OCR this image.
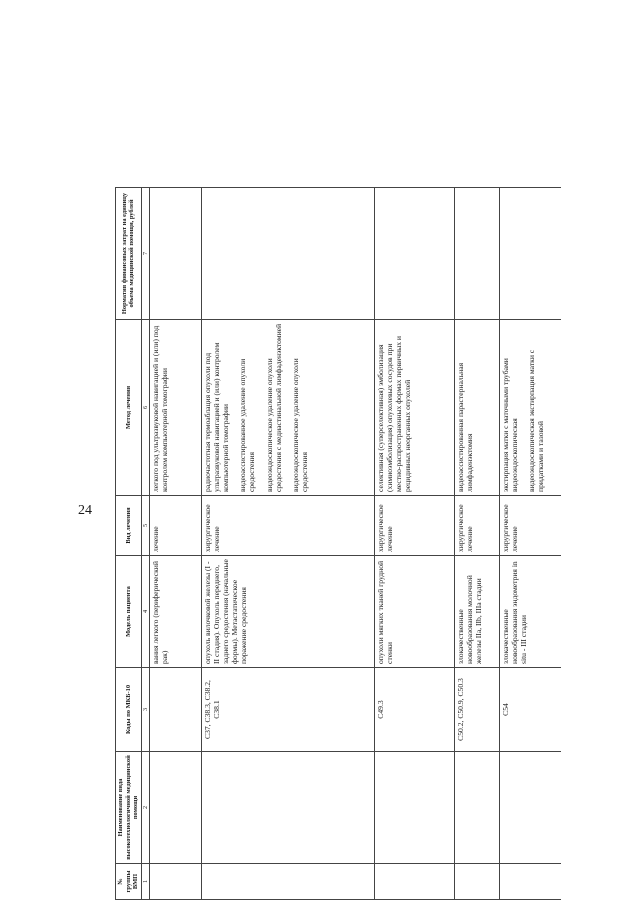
24
№ группы ВМП	Наименование вида высокотехнологичной медицинской помощи	Коды по МКБ-10	Модель пациента	Вид лечения	Метод лечения	Норматив финансовых затрат на единицу объема медицинской помощи, рублей
1	2	3	4	5	6	7
			вания легкого (периферический рак)	лечение	легкого под ультразвуковой навигацией и (или) под контролем компьютерной томографии	

		C37, C38.3, C38.2, C38.1	опухоль вилочковой железы (I - II стадия). Опухоль переднего, заднего средостения (начальные формы). Метастатическое поражение средостения	хирургическое лечение	радиочастотная термоаблация опухоли под ультразвуковой навигацией и (или) контролем компьютерной томографии видеоассистированное удаление опухоли средостения видеоэндоскопическое удаление опухоли средостения с медиастинальной лимфаденэктомией видеоэндоскопическое удаление опухоли средостения	

		C49.3	опухоли мягких тканей грудной стенки	хирургическое лечение	селективная (суперселективная) эмболизация (химиоэмболизация) опухолевых сосудов при местно-распространенных формах первичных и рецидивных неорганных опухолей	

		C50.2, C50.9, C50.3	злокачественные новообразования молочной железы IIa, IIb, IIIa стадии	хирургическое лечение	видеоассистированная парастернальная лимфаденэктомия	

		C54	злокачественные новообразования эндометрия in situ - III стадии	хирургическое лечение	экстирпация матки с маточными трубами видеоэндоскопическая видеоэндоскопическая экстирпация матки с придатками и тазовой	
